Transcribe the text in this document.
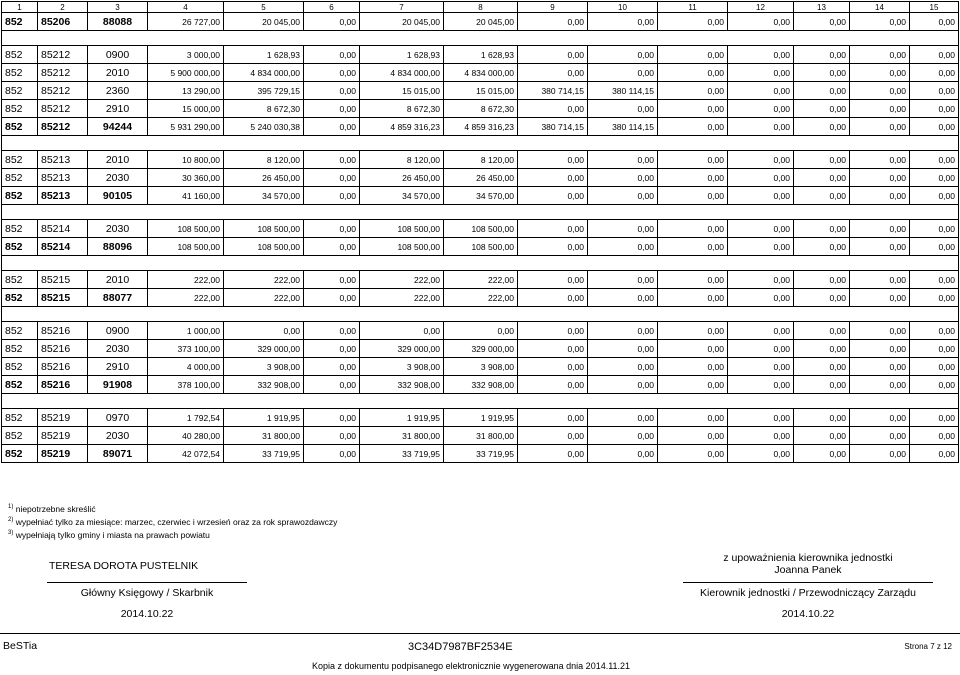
1	2	3	4	5	6	7	8	9	10	11	12	13	14	15
852	85206	88088	26 727,00	20 045,00	0,00	20 045,00	20 045,00	0,00	0,00	0,00	0,00	0,00	0,00	0,00

852	85212	0900	3 000,00	1 628,93	0,00	1 628,93	1 628,93	0,00	0,00	0,00	0,00	0,00	0,00	0,00
852	85212	2010	5 900 000,00	4 834 000,00	0,00	4 834 000,00	4 834 000,00	0,00	0,00	0,00	0,00	0,00	0,00	0,00
852	85212	2360	13 290,00	395 729,15	0,00	15 015,00	15 015,00	380 714,15	380 114,15	0,00	0,00	0,00	0,00	0,00
852	85212	2910	15 000,00	8 672,30	0,00	8 672,30	8 672,30	0,00	0,00	0,00	0,00	0,00	0,00	0,00
852	85212	94244	5 931 290,00	5 240 030,38	0,00	4 859 316,23	4 859 316,23	380 714,15	380 114,15	0,00	0,00	0,00	0,00	0,00

852	85213	2010	10 800,00	8 120,00	0,00	8 120,00	8 120,00	0,00	0,00	0,00	0,00	0,00	0,00	0,00
852	85213	2030	30 360,00	26 450,00	0,00	26 450,00	26 450,00	0,00	0,00	0,00	0,00	0,00	0,00	0,00
852	85213	90105	41 160,00	34 570,00	0,00	34 570,00	34 570,00	0,00	0,00	0,00	0,00	0,00	0,00	0,00

852	85214	2030	108 500,00	108 500,00	0,00	108 500,00	108 500,00	0,00	0,00	0,00	0,00	0,00	0,00	0,00
852	85214	88096	108 500,00	108 500,00	0,00	108 500,00	108 500,00	0,00	0,00	0,00	0,00	0,00	0,00	0,00

852	85215	2010	222,00	222,00	0,00	222,00	222,00	0,00	0,00	0,00	0,00	0,00	0,00	0,00
852	85215	88077	222,00	222,00	0,00	222,00	222,00	0,00	0,00	0,00	0,00	0,00	0,00	0,00

852	85216	0900	1 000,00	0,00	0,00	0,00	0,00	0,00	0,00	0,00	0,00	0,00	0,00	0,00
852	85216	2030	373 100,00	329 000,00	0,00	329 000,00	329 000,00	0,00	0,00	0,00	0,00	0,00	0,00	0,00
852	85216	2910	4 000,00	3 908,00	0,00	3 908,00	3 908,00	0,00	0,00	0,00	0,00	0,00	0,00	0,00
852	85216	91908	378 100,00	332 908,00	0,00	332 908,00	332 908,00	0,00	0,00	0,00	0,00	0,00	0,00	0,00

852	85219	0970	1 792,54	1 919,95	0,00	1 919,95	1 919,95	0,00	0,00	0,00	0,00	0,00	0,00	0,00
852	85219	2030	40 280,00	31 800,00	0,00	31 800,00	31 800,00	0,00	0,00	0,00	0,00	0,00	0,00	0,00
852	85219	89071	42 072,54	33 719,95	0,00	33 719,95	33 719,95	0,00	0,00	0,00	0,00	0,00	0,00	0,00
$^{1)}$ niepotrzebne skreślić
$^{2)}$ wypełniać tylko za miesiące: marzec, czerwiec i wrzesień oraz za rok sprawozdawczy
$^{3)}$ wypełniają tylko gminy i miasta na prawach powiatu
TERESA DOROTA PUSTELNIK
Główny Księgowy / Skarbnik
2014.10.22
z upoważnienia kierownika jednostki
Joanna Panek
Kierownik jednostki / Przewodniczący Zarządu
2014.10.22
BeSTia	3C34D7987BF2534E	Strona 7 z 12
Kopia z dokumentu podpisanego elektronicznie wygenerowana dnia 2014.11.21
